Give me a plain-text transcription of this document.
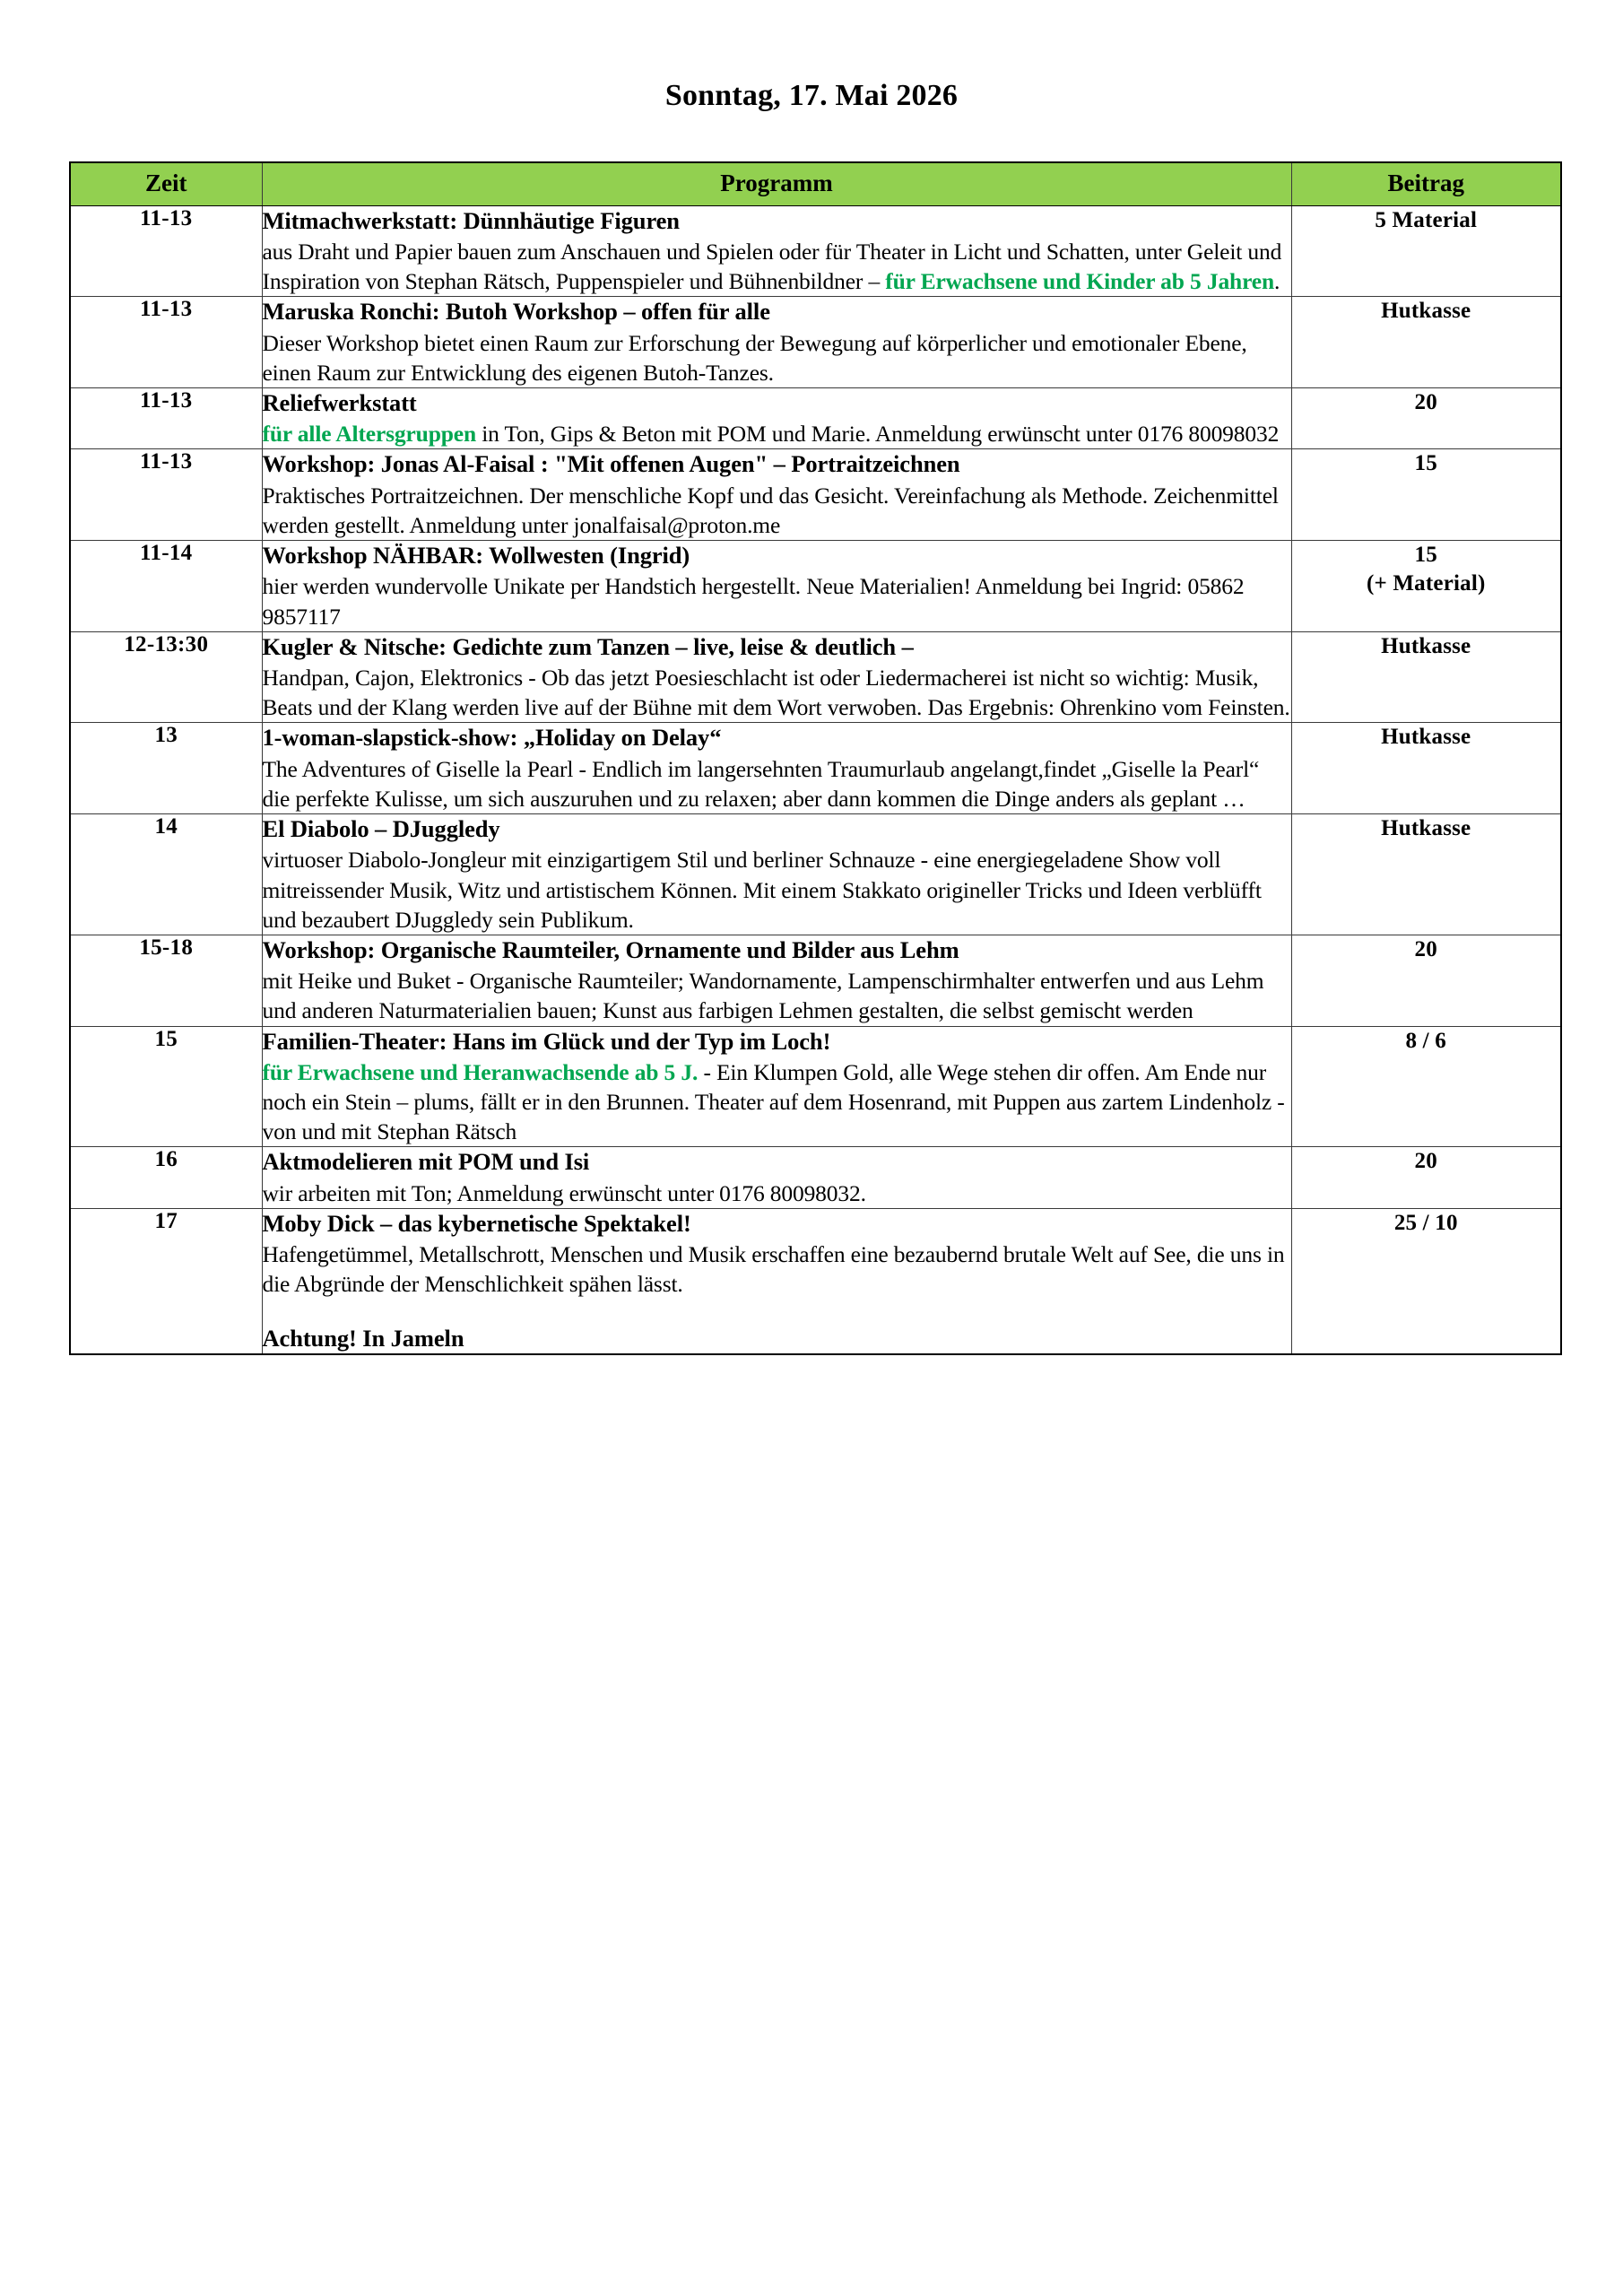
Sonntag, 17. Mai 2026
Zeit	Programm	Beitrag
11-13	Mitmachwerkstatt: Dünnhäutige Figuren
aus Draht und Papier bauen zum Anschauen und Spielen oder für Theater in Licht und Schatten, unter Geleit und Inspiration von Stephan Rätsch, Puppenspieler und Bühnenbildner – für Erwachsene und Kinder ab 5 Jahren.	5 Material
11-13	Maruska Ronchi: Butoh Workshop – offen für alle
Dieser Workshop bietet einen Raum zur Erforschung der Bewegung auf körperlicher und emotionaler Ebene, einen Raum zur Entwicklung des eigenen Butoh-Tanzes.	Hutkasse
11-13	Reliefwerkstatt
für alle Altersgruppen in Ton, Gips & Beton mit POM und Marie. Anmeldung erwünscht unter 0176 80098032	20
11-13	Workshop: Jonas Al-Faisal : "Mit offenen Augen" – Portraitzeichnen
Praktisches Portraitzeichnen. Der menschliche Kopf und das Gesicht. Vereinfachung als Methode. Zeichenmittel werden gestellt. Anmeldung unter jonalfaisal@proton.me	15
11-14	Workshop NÄHBAR: Wollwesten (Ingrid)
hier werden wundervolle Unikate per Handstich hergestellt. Neue Materialien! Anmeldung bei Ingrid: 05862 9857117	15
(+ Material)

12-13:30	Kugler & Nitsche: Gedichte zum Tanzen – live, leise & deutlich –
Handpan, Cajon, Elektronics - Ob das jetzt Poesieschlacht ist oder Liedermacherei ist nicht so wichtig: Musik, Beats und der Klang werden live auf der Bühne mit dem Wort verwoben. Das Ergebnis: Ohrenkino vom Feinsten.	Hutkasse
13	1-woman-slapstick-show: „Holiday on Delay“
The Adventures of Giselle la Pearl - Endlich im langersehnten Traumurlaub angelangt,findet „Giselle la Pearl“ die perfekte Kulisse, um sich auszuruhen und zu relaxen; aber dann kommen die Dinge anders als geplant …	Hutkasse
14	El Diabolo – DJuggledy
virtuoser Diabolo-Jongleur mit einzigartigem Stil und berliner Schnauze - eine energiegeladene Show voll mitreissender Musik, Witz und artistischem Können. Mit einem Stakkato origineller Tricks und Ideen verblüfft und bezaubert DJuggledy sein Publikum.	Hutkasse
15-18	Workshop: Organische Raumteiler, Ornamente und Bilder aus Lehm
mit Heike und Buket - Organische Raumteiler; Wandornamente, Lampenschirmhalter entwerfen und aus Lehm und anderen Naturmaterialien bauen; Kunst aus farbigen Lehmen gestalten, die selbst gemischt werden	20
15	Familien-Theater: Hans im Glück und der Typ im Loch!
für Erwachsene und Heranwachsende ab 5 J. - Ein Klumpen Gold, alle Wege stehen dir offen. Am Ende nur noch ein Stein – plums, fällt er in den Brunnen. Theater auf dem Hosenrand, mit Puppen aus zartem Lindenholz - von und mit Stephan Rätsch	8 / 6
16	Aktmodelieren mit POM und Isi
wir arbeiten mit Ton; Anmeldung erwünscht unter 0176 80098032.	20
17	Moby Dick – das kybernetische Spektakel!
Hafengetümmel, Metallschrott, Menschen und Musik erschaffen eine bezaubernd brutale Welt auf See, die uns in die Abgründe der Menschlichkeit spähen lässt.
Achtung! In Jameln	25 / 10
